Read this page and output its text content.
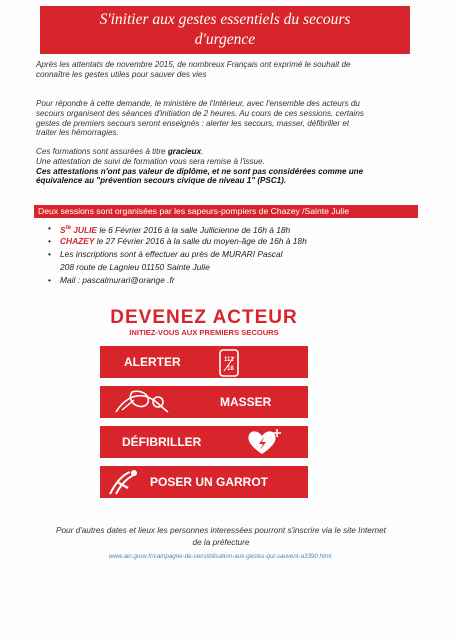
S'initier aux gestes essentiels du secours
d'urgence
Après les attentats de novembre 2015, de nombreux Français ont exprimé le souhait de
connaître les gestes utiles pour sauver des vies
Pour répondre à cette demande, le ministère de l'Intérieur, avec l'ensemble des acteurs du
secours organisent des séances d'initiation de 2 heures. Au cours de ces sessions, certains
gestes de premiers secours seront enseignés : alerter les secours, masser, défibriller et
traiter les hémorragies.
Ces formations sont assurées à titre gracieux.
Une attestation de suivi de formation vous sera remise à l'issue.
Ces attestations n'ont pas valeur de diplôme, et ne sont pas considérées comme une
équivalence au "prévention secours civique de niveau 1" (PSC1).
Deux sessions sont organisées par les sapeurs-pompiers de Chazey /Sainte Julie
• $S^{te}$ JULIE le 6 Février 2016 à la salle Jullicienne de 16h à 18h
• CHAZEY le 27 Février 2016 à la salle du moyen-âge de 16h à 18h
• Les inscriptions sont à effectuer au près de MURARI Pascal
208 route de Lagnieu 01150 Sainte Julie
• Mail : pascalmurari@orange .fr
DEVENEZ ACTEUR
INITIEZ-VOUS AUX PREMIERS SECOURS
ALERTER	112
18
MASSER
DÉFIBRILLER
POSER UN GARROT
Pour d'autres dates et lieux les personnes interessées pourront s'inscrire via le site Internet
de la préfecture
www.ain.gouv.fr/campagne-de-sensibilisation-aux-gestes-qui-sauvent-a3390.html
